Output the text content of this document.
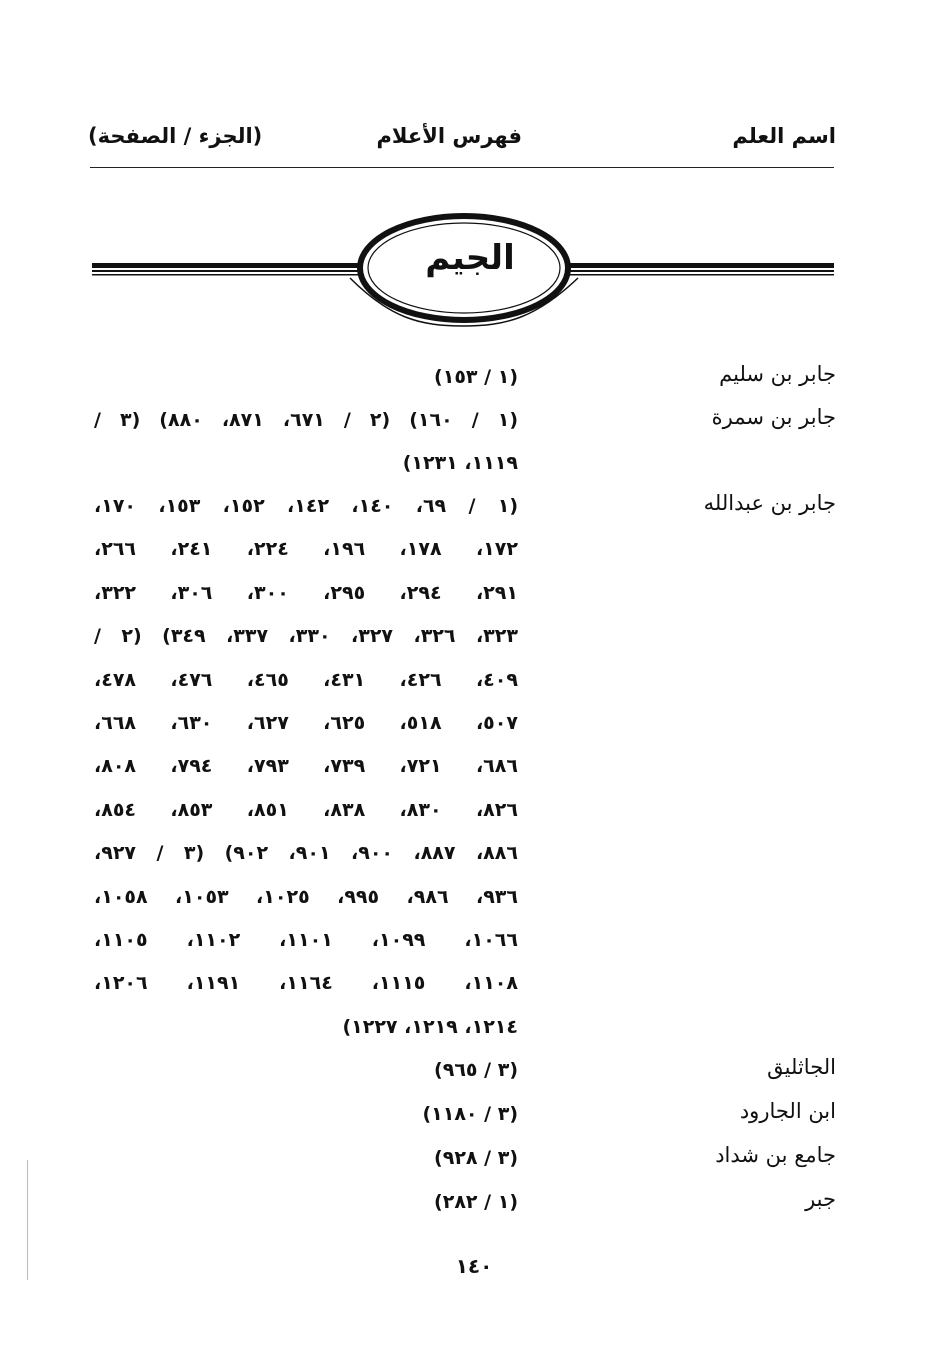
اسم العلم
فهرس الأعلام
(الجزء / الصفحة)
الجيم
جابر بن سليم
(١ / ١٥٣)
جابر بن سمرة
(١ / ١٦٠) (٢ / ٦٧١، ٨٧١، ٨٨٠) (٣ /
١١١٩، ١٢٣١)
جابر بن عبدالله
(١ / ٦٩، ١٤٠، ١٤٢، ١٥٢، ١٥٣، ١٧٠،
١٧٢، ١٧٨، ١٩٦، ٢٢٤، ٢٤١، ٢٦٦،
٢٩١، ٢٩٤، ٢٩٥، ٣٠٠، ٣٠٦، ٣٢٢،
٣٢٣، ٣٢٦، ٣٢٧، ٣٣٠، ٣٣٧، ٣٤٩) (٢ /
٤٠٩، ٤٢٦، ٤٣١، ٤٦٥، ٤٧٦، ٤٧٨،
٥٠٧، ٥١٨، ٦٢٥، ٦٢٧، ٦٣٠، ٦٦٨،
٦٨٦، ٧٢١، ٧٣٩، ٧٩٣، ٧٩٤، ٨٠٨،
٨٢٦، ٨٣٠، ٨٣٨، ٨٥١، ٨٥٣، ٨٥٤،
٨٨٦، ٨٨٧، ٩٠٠، ٩٠١، ٩٠٢) (٣ / ٩٢٧،
٩٣٦، ٩٨٦، ٩٩٥، ١٠٢٥، ١٠٥٣، ١٠٥٨،
١٠٦٦، ١٠٩٩، ١١٠١، ١١٠٢، ١١٠٥،
١١٠٨، ١١١٥، ١١٦٤، ١١٩١، ١٢٠٦،
١٢١٤، ١٢١٩، ١٢٢٧)
الجاثليق
(٣ / ٩٦٥)
ابن الجارود
(٣ / ١١٨٠)
جامع بن شداد
(٣ / ٩٢٨)
جبر
(١ / ٢٨٢)
١٤٠
